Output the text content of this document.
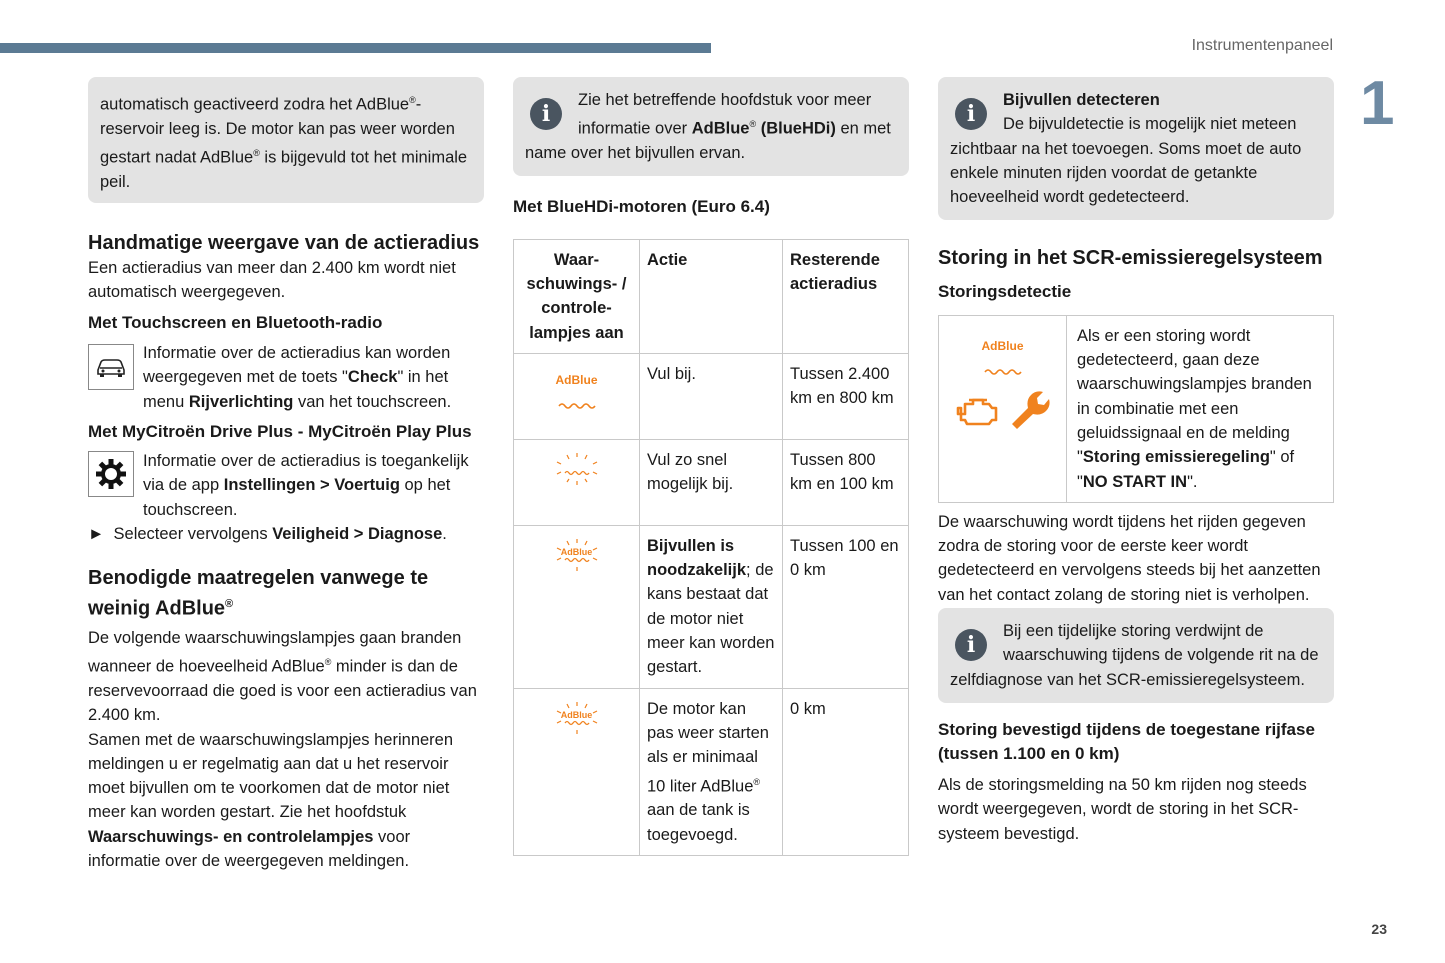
Instrumentenpaneel
1
23
automatisch geactiveerd zodra het AdBlue®-reservoir leeg is. De motor kan pas weer worden gestart nadat AdBlue® is bijgevuld tot het minimale peil.
Handmatige weergave van de actieradius

Een actieradius van meer dan 2.400 km wordt niet automatisch weergegeven.

Met Touchscreen en Bluetooth-radio
Informatie over de actieradius kan worden weergegeven met de toets "Check" in het menu Rijverlichting van het touchscreen.
Met MyCitroën Drive Plus - MyCitroën Play Plus
Informatie over de actieradius is toegankelijk via de app Instellingen > Voertuig op het touchscreen.
► Selecteer vervolgens Veiligheid > Diagnose.
Benodigde maatregelen vanwege te weinig AdBlue®

De volgende waarschuwingslampjes gaan branden wanneer de hoeveelheid AdBlue® minder is dan de reservevoorraad die goed is voor een actieradius van 2.400 km.

Samen met de waarschuwingslampjes herinneren meldingen u er regelmatig aan dat u het reservoir moet bijvullen om te voorkomen dat de motor niet meer kan worden gestart. Zie het hoofdstuk Waarschuwings- en controlelampjes voor informatie over de weergegeven meldingen.

i
Zie het betreffende hoofdstuk voor meer informatie over AdBlue® (BlueHDi) en met name over het bijvullen ervan.
Met BlueHDi-motoren (Euro 6.4)
Waar-schuwings- / controle-lampjes aan	Actie	Resterende actieradius

AdBlue	Vul bij.	Tussen 2.400 km en 800 km
	Vul zo snel mogelijk bij.	Tussen 800 km en 100 km

AdBlue	Bijvullen is noodzakelijk; de kans bestaat dat de motor niet meer kan worden gestart.	Tussen 100 en 0 km

AdBlue	De motor kan pas weer starten als er minimaal 10 liter AdBlue® aan de tank is toegevoegd.	0 km
i
Bijvullen detecteren
De bijvuldetectie is mogelijk niet meteen zichtbaar na het toevoegen. Soms moet de auto enkele minuten rijden voordat de getankte hoeveelheid wordt gedetecteerd.
Storing in het SCR-emissieregelsysteem
Storingsdetectie
AdBlue
	Als er een storing wordt gedetecteerd, gaan deze waarschuwingslampjes branden in combinatie met een geluidssignaal en de melding "Storing emissieregeling" of "NO START IN".

De waarschuwing wordt tijdens het rijden gegeven zodra de storing voor de eerste keer wordt gedetecteerd en vervolgens steeds bij het aanzetten van het contact zolang de storing niet is verholpen.

i
Bij een tijdelijke storing verdwijnt de waarschuwing tijdens de volgende rit na de zelfdiagnose van het SCR-emissieregelsysteem.
Storing bevestigd tijdens de toegestane rijfase (tussen 1.100 en 0 km)

Als de storingsmelding na 50 km rijden nog steeds wordt weergegeven, wordt de storing in het SCR-systeem bevestigd.
